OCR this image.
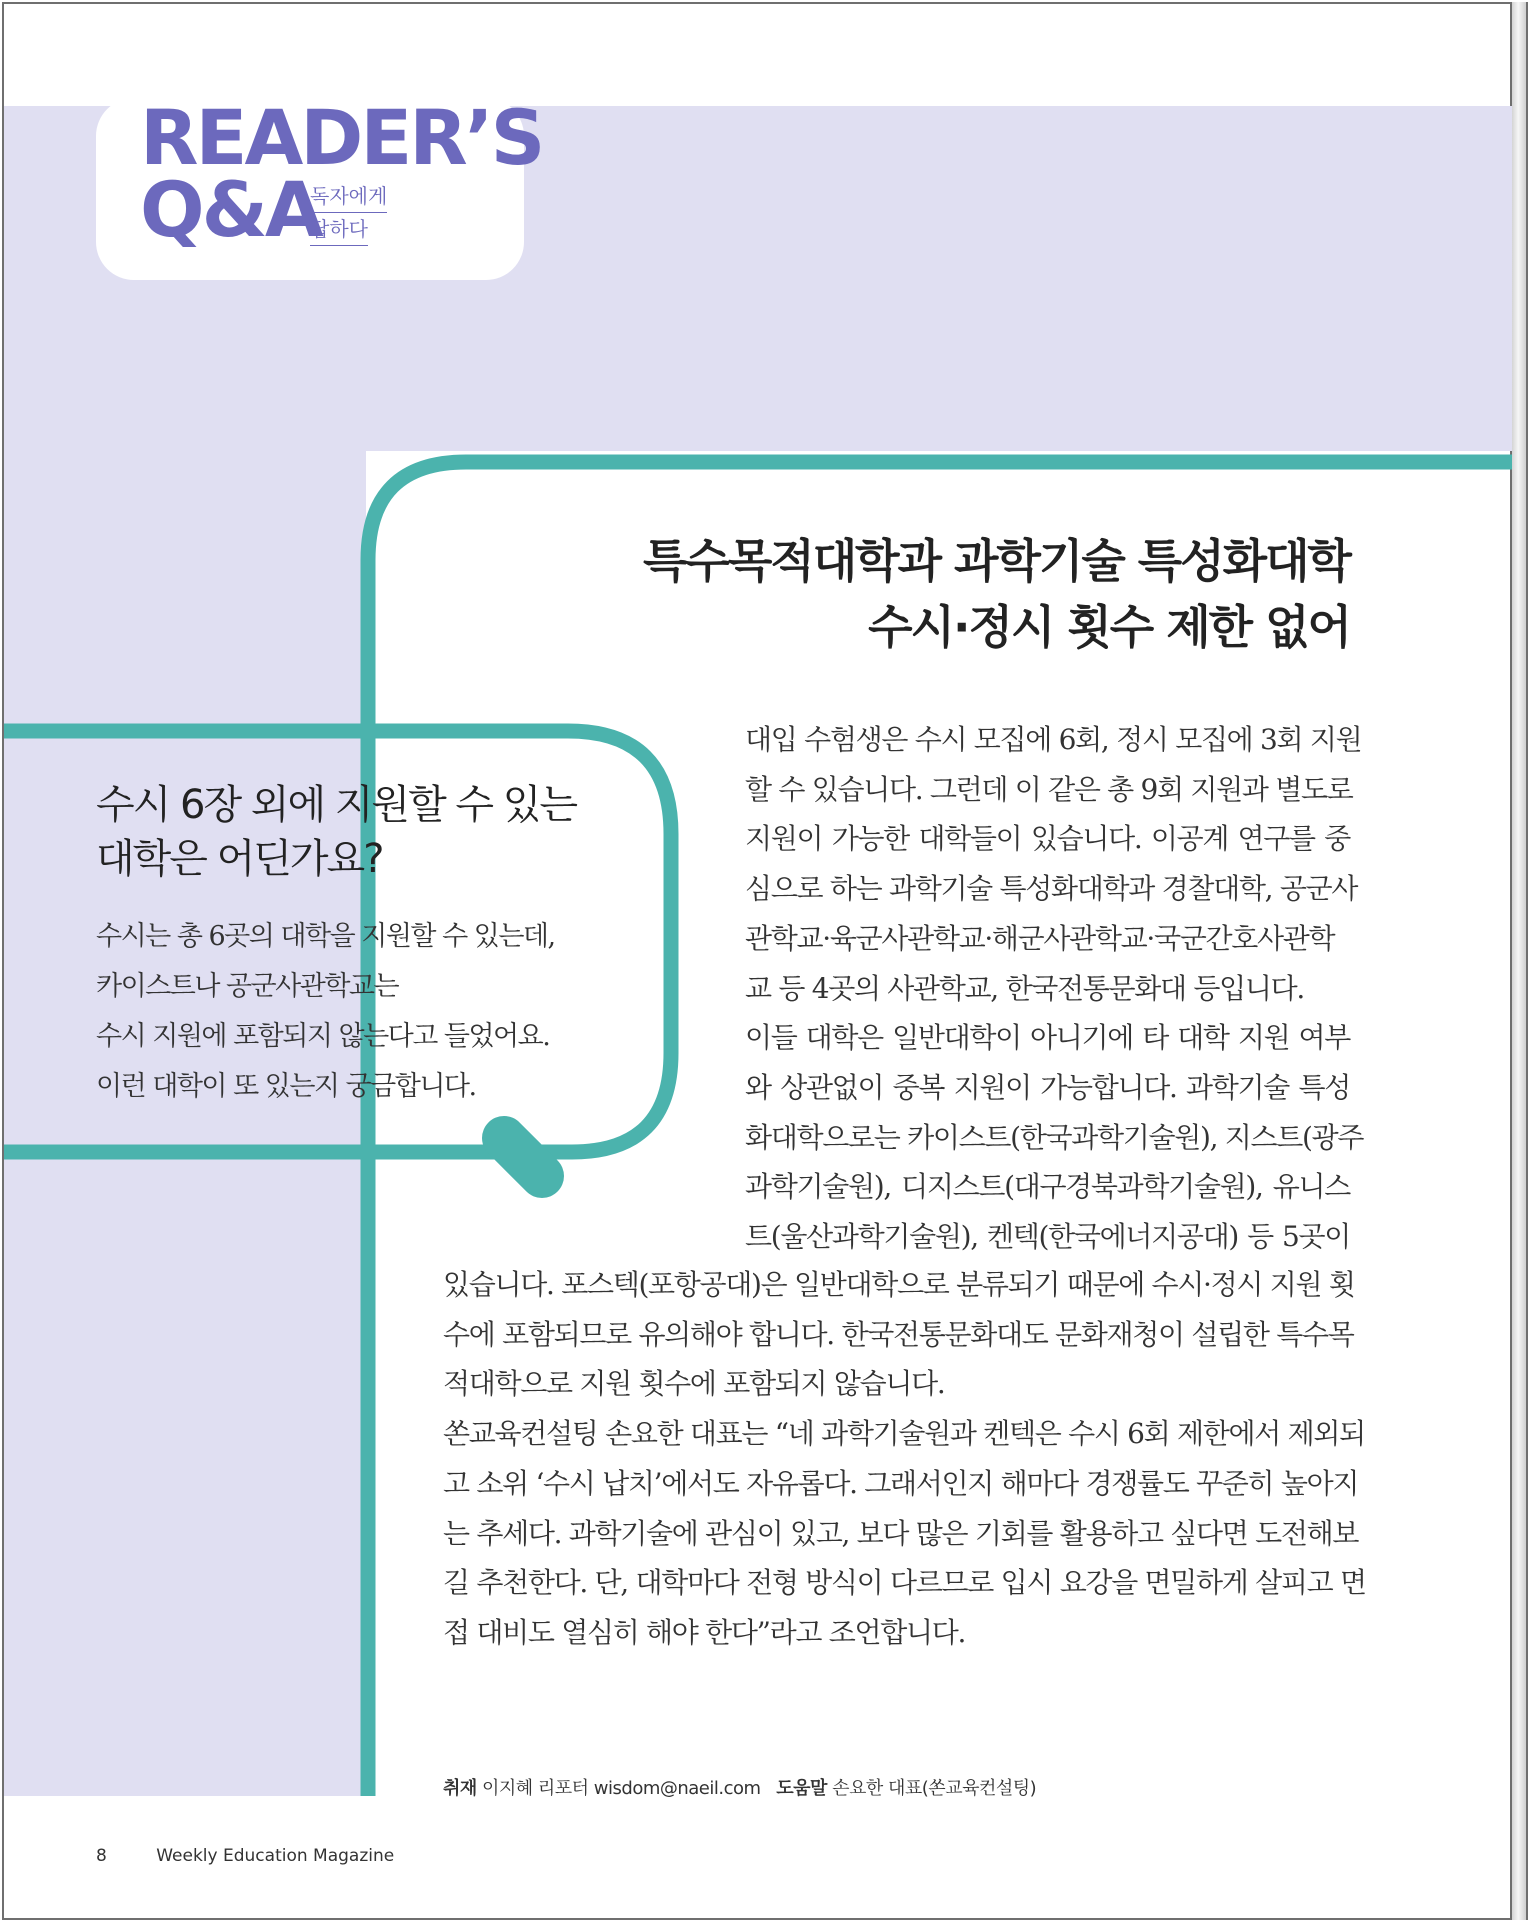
READER’S
Q&A
독자에게
답하다
특수목적대학과 과학기술 특성화대학
수시·정시 횟수 제한 없어
수시 6장 외에 지원할 수 있는
대학은 어딘가요?
수시는 총 6곳의 대학을 지원할 수 있는데,
카이스트나 공군사관학교는
수시 지원에 포함되지 않는다고 들었어요.
이런 대학이 또 있는지 궁금합니다.

대입 수험생은 수시 모집에 6회, 정시 모집에 3회 지원

할 수 있습니다. 그런데 이 같은 총 9회 지원과 별도로

지원이 가능한 대학들이 있습니다. 이공계 연구를 중

심으로 하는 과학기술 특성화대학과 경찰대학, 공군사

관학교·육군사관학교·해군사관학교·국군간호사관학

교 등 4곳의 사관학교, 한국전통문화대 등입니다.

이들 대학은 일반대학이 아니기에 타 대학 지원 여부

와 상관없이 중복 지원이 가능합니다. 과학기술 특성

화대학으로는 카이스트(한국과학기술원), 지스트(광주

과학기술원), 디지스트(대구경북과학기술원), 유니스

트(울산과학기술원), 켄텍(한국에너지공대) 등 5곳이

있습니다. 포스텍(포항공대)은 일반대학으로 분류되기 때문에 수시·정시 지원 횟

수에 포함되므로 유의해야 합니다. 한국전통문화대도 문화재청이 설립한 특수목

적대학으로 지원 횟수에 포함되지 않습니다.

쏜교육컨설팅 손요한 대표는 “네 과학기술원과 켄텍은 수시 6회 제한에서 제외되

고 소위 ‘수시 납치’에서도 자유롭다. 그래서인지 해마다 경쟁률도 꾸준히 높아지

는 추세다. 과학기술에 관심이 있고, 보다 많은 기회를 활용하고 싶다면 도전해보

길 추천한다. 단, 대학마다 전형 방식이 다르므로 입시 요강을 면밀하게 살피고 면

접 대비도 열심히 해야 한다”라고 조언합니다.

취재 이지혜 리포터 wisdom@naeil.com 도움말 손요한 대표(쏜교육컨설팅)
8	Weekly Education Magazine
